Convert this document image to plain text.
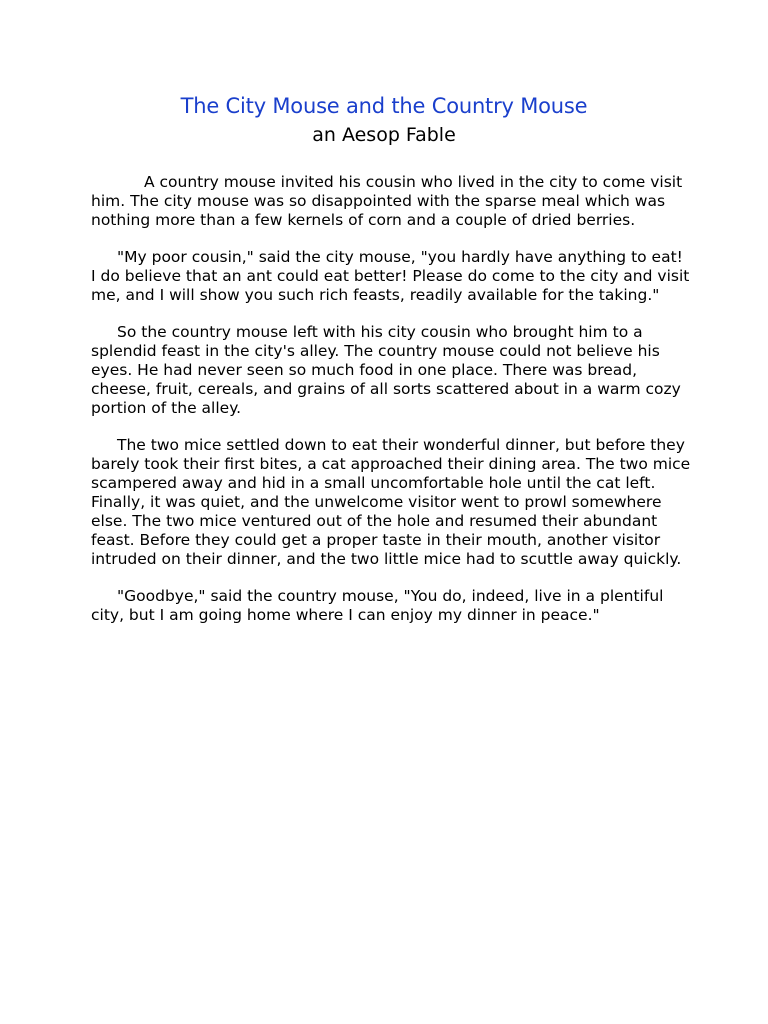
The City Mouse and the Country Mouse
an Aesop Fable

A country mouse invited his cousin who lived in the city to come visit him. The city mouse was so disappointed with the sparse meal which was nothing more than a few kernels of corn and a couple of dried berries.

"My poor cousin," said the city mouse, "you hardly have anything to eat! I do believe that an ant could eat better! Please do come to the city and visit me, and I will show you such rich feasts, readily available for the taking."

So the country mouse left with his city cousin who brought him to a splendid feast in the city's alley. The country mouse could not believe his eyes. He had never seen so much food in one place. There was bread, cheese, fruit, cereals, and grains of all sorts scattered about in a warm cozy portion of the alley.

The two mice settled down to eat their wonderful dinner, but before they barely took their first bites, a cat approached their dining area. The two mice scampered away and hid in a small uncomfortable hole until the cat left. Finally, it was quiet, and the unwelcome visitor went to prowl somewhere else. The two mice ventured out of the hole and resumed their abundant feast. Before they could get a proper taste in their mouth, another visitor intruded on their dinner, and the two little mice had to scuttle away quickly.

"Goodbye," said the country mouse, "You do, indeed, live in a plentiful city, but I am going home where I can enjoy my dinner in peace."
